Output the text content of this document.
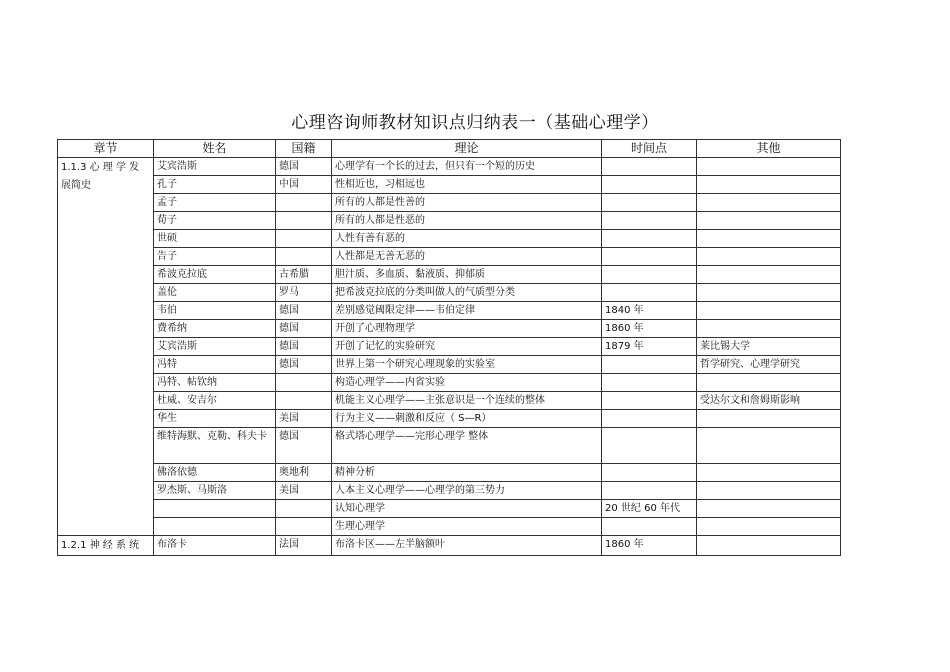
心理咨询师教材知识点归纳表一（基础心理学）
章节	姓名	国籍	理论	时间点	其他
1.1.3 心 理 学 发 展简史	艾宾浩斯	德国	心理学有一个长的过去，但只有一个短的历史		
	孔子	中国	性相近也，习相远也		
	孟子		所有的人都是性善的		
	荀子		所有的人都是性恶的		
	世硕		人性有善有恶的		
	告子		人性都是无善无恶的		
	希波克拉底	古希腊	胆汁质、多血质、黏液质、抑郁质		
	盖伦	罗马	把希波克拉底的分类叫做人的气质型分类		
	韦伯	德国	差别感觉阈限定律——韦伯定律	1840 年	
	费希纳	德国	开创了心理物理学	1860 年	
	艾宾浩斯	德国	开创了记忆的实验研究	1879 年	莱比锡大学
	冯特	德国	世界上第一个研究心理现象的实验室		哲学研究、心理学研究
	冯特、帖钦纳		构造心理学——内省实验		
	杜威、安吉尔		机能主义心理学——主张意识是一个连续的整体		受达尔文和詹姆斯影响
	华生	美国	行为主义——刺激和反应（ S—R）		
	维特海默、克勒、科夫卡	德国	格式塔心理学——完形心理学 整体		
	佛洛依德	奥地利	精神分析		
	罗杰斯、马斯洛	美国	人本主义心理学——心理学的第三势力		
			认知心理学	20 世纪 60 年代	
			生理心理学		
1.2.1 神 经 系 统	布洛卡	法国	布洛卡区——左半脑额叶	1860 年	
